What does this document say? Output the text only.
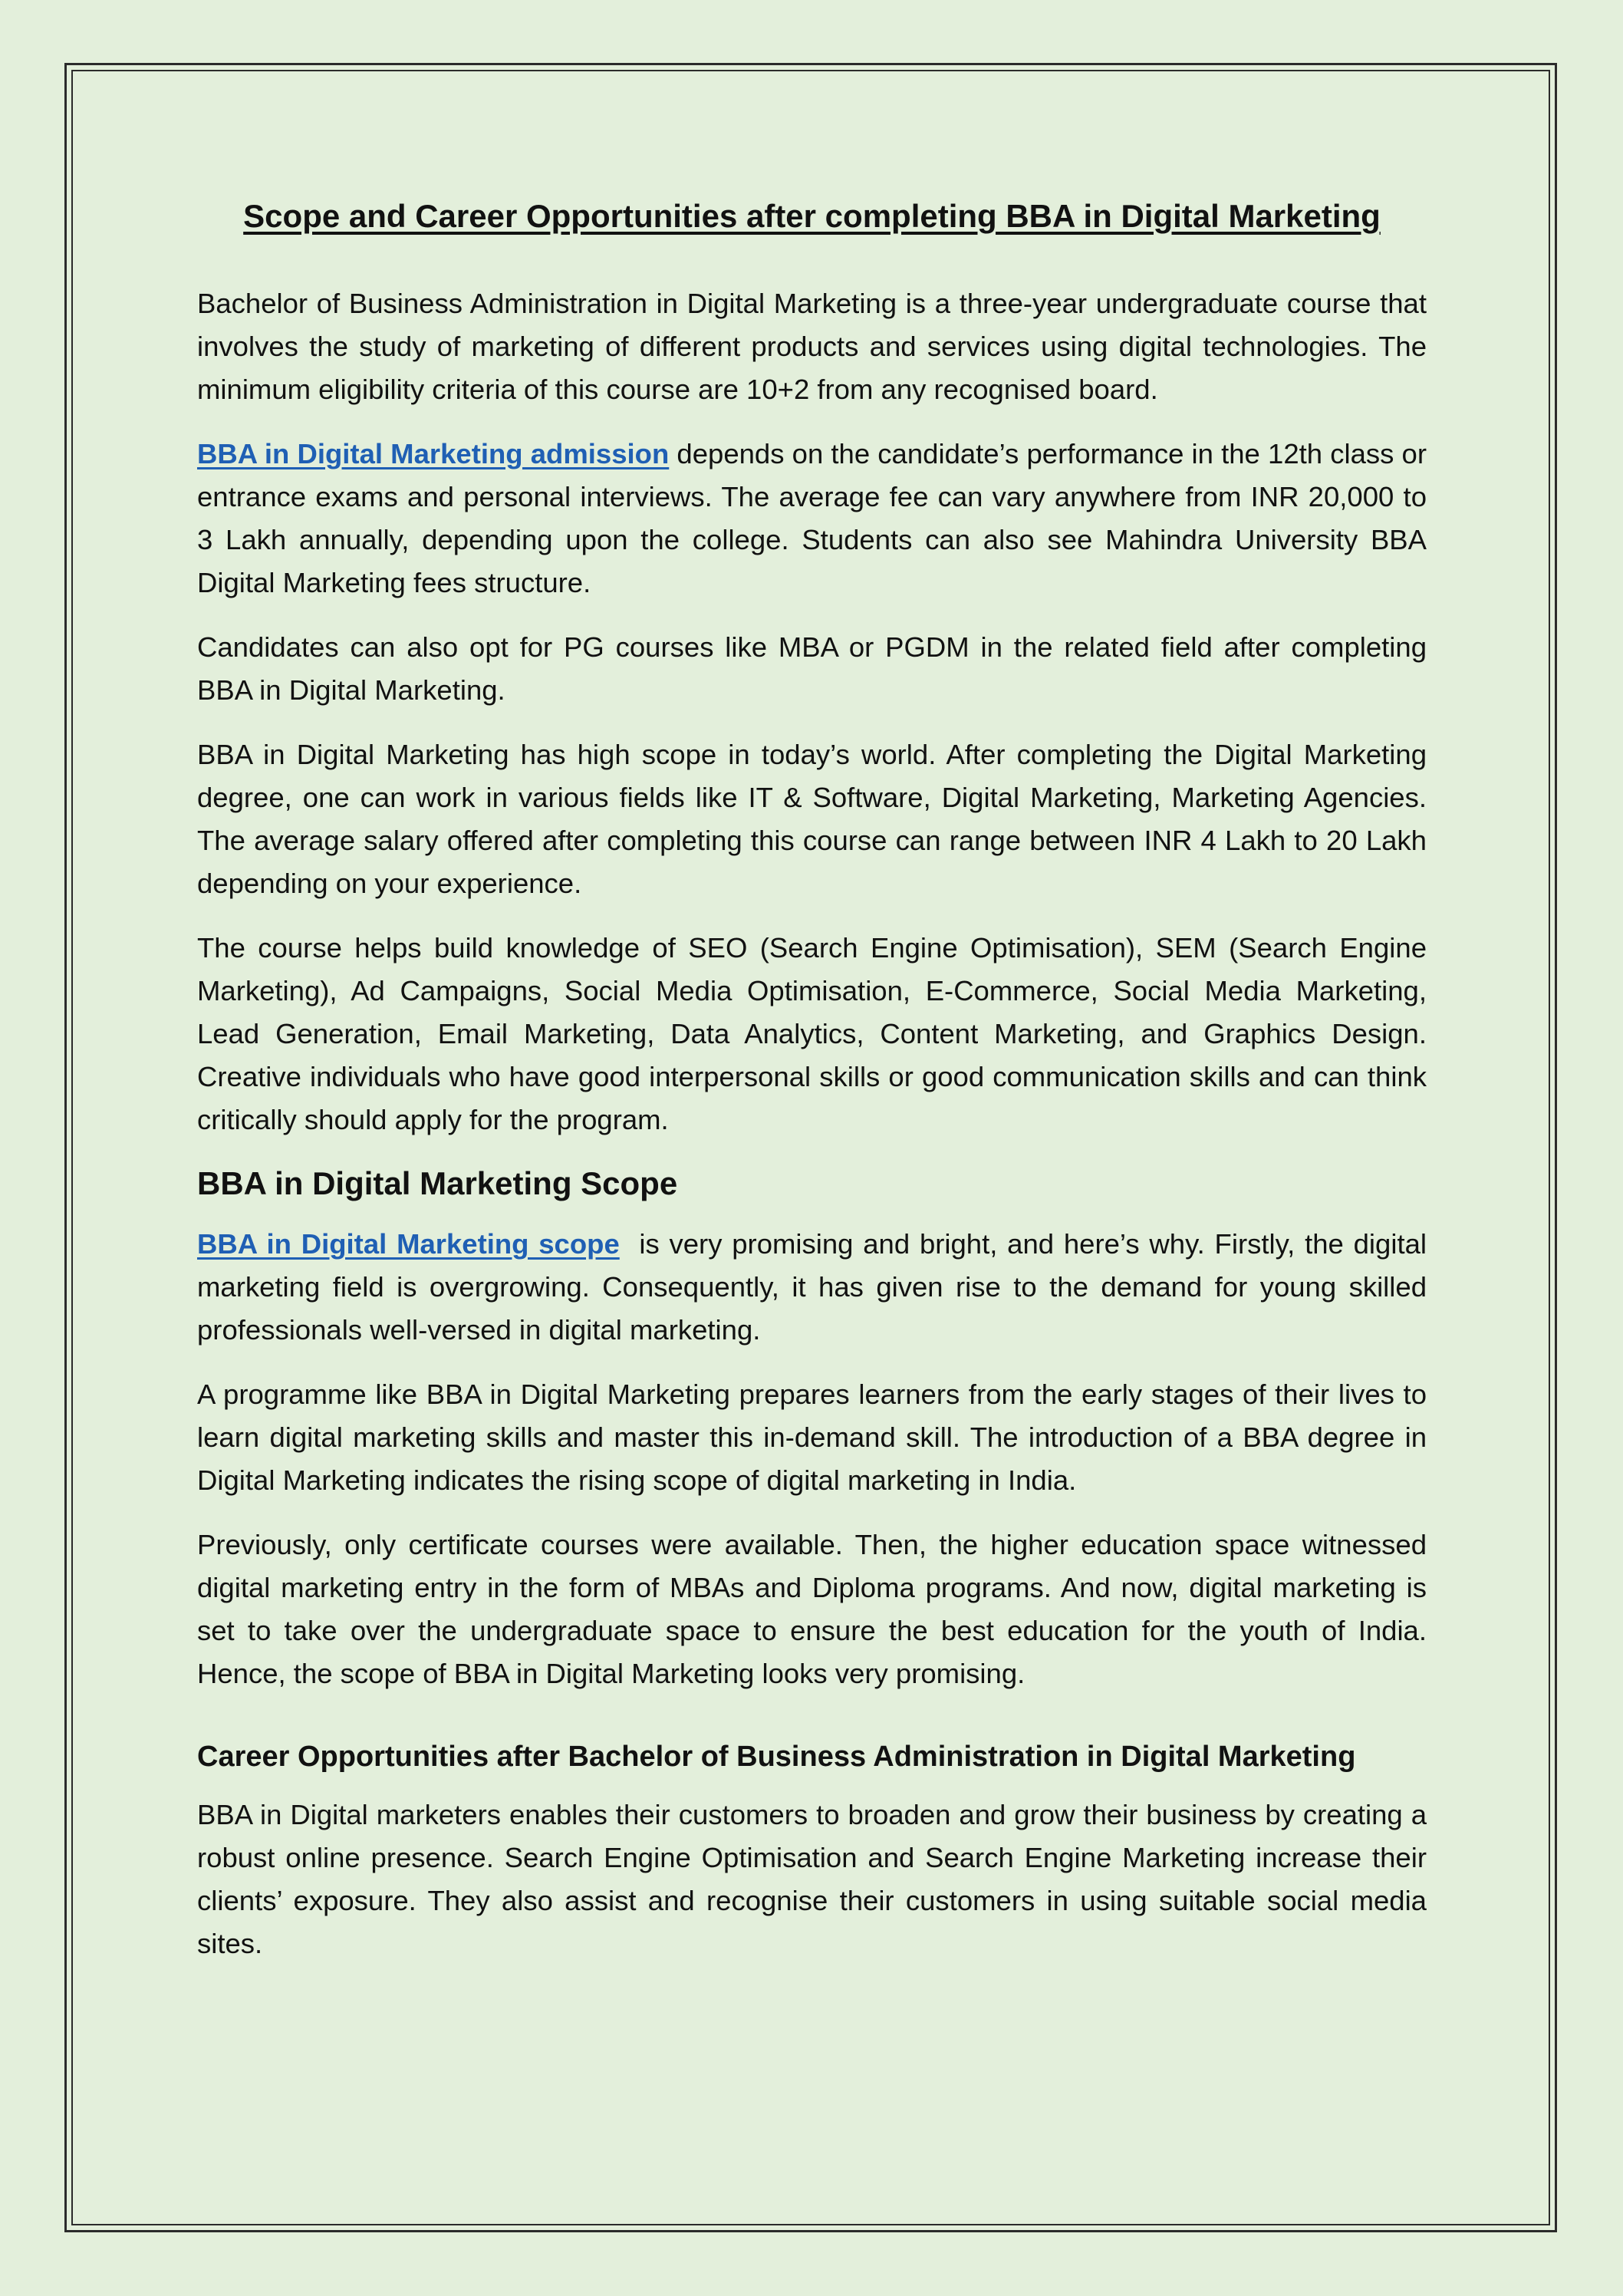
Scope and Career Opportunities after completing BBA in Digital Marketing

Bachelor of Business Administration in Digital Marketing is a three-year undergraduate course that involves the study of marketing of different products and services using digital technologies. The minimum eligibility criteria of this course are 10+2 from any recognised board.

BBA in Digital Marketing admission depends on the candidate’s performance in the 12th class or entrance exams and personal interviews. The average fee can vary anywhere from INR 20,000 to 3 Lakh annually, depending upon the college. Students can also see Mahindra University BBA Digital Marketing fees structure.

Candidates can also opt for PG courses like MBA or PGDM in the related field after completing BBA in Digital Marketing.

BBA in Digital Marketing has high scope in today’s world. After completing the Digital Marketing degree, one can work in various fields like IT & Software, Digital Marketing, Marketing Agencies. The average salary offered after completing this course can range between INR 4 Lakh to 20 Lakh depending on your experience.

The course helps build knowledge of SEO (Search Engine Optimisation), SEM (Search Engine Marketing), Ad Campaigns, Social Media Optimisation, E-Commerce, Social Media Marketing, Lead Generation, Email Marketing, Data Analytics, Content Marketing, and Graphics Design. Creative individuals who have good interpersonal skills or good communication skills and can think critically should apply for the program.

BBA in Digital Marketing Scope

BBA in Digital Marketing scope  is very promising and bright, and here’s why. Firstly, the digital marketing field is overgrowing. Consequently, it has given rise to the demand for young skilled professionals well-versed in digital marketing.

A programme like BBA in Digital Marketing prepares learners from the early stages of their lives to learn digital marketing skills and master this in-demand skill. The introduction of a BBA degree in Digital Marketing indicates the rising scope of digital marketing in India.

Previously, only certificate courses were available. Then, the higher education space witnessed digital marketing entry in the form of MBAs and Diploma programs. And now, digital marketing is set to take over the undergraduate space to ensure the best education for the youth of India. Hence, the scope of BBA in Digital Marketing looks very promising.

Career Opportunities after Bachelor of Business Administration in Digital Marketing

BBA in Digital marketers enables their customers to broaden and grow their business by creating a robust online presence. Search Engine Optimisation and Search Engine Marketing increase their clients’ exposure. They also assist and recognise their customers in using suitable social media sites.
